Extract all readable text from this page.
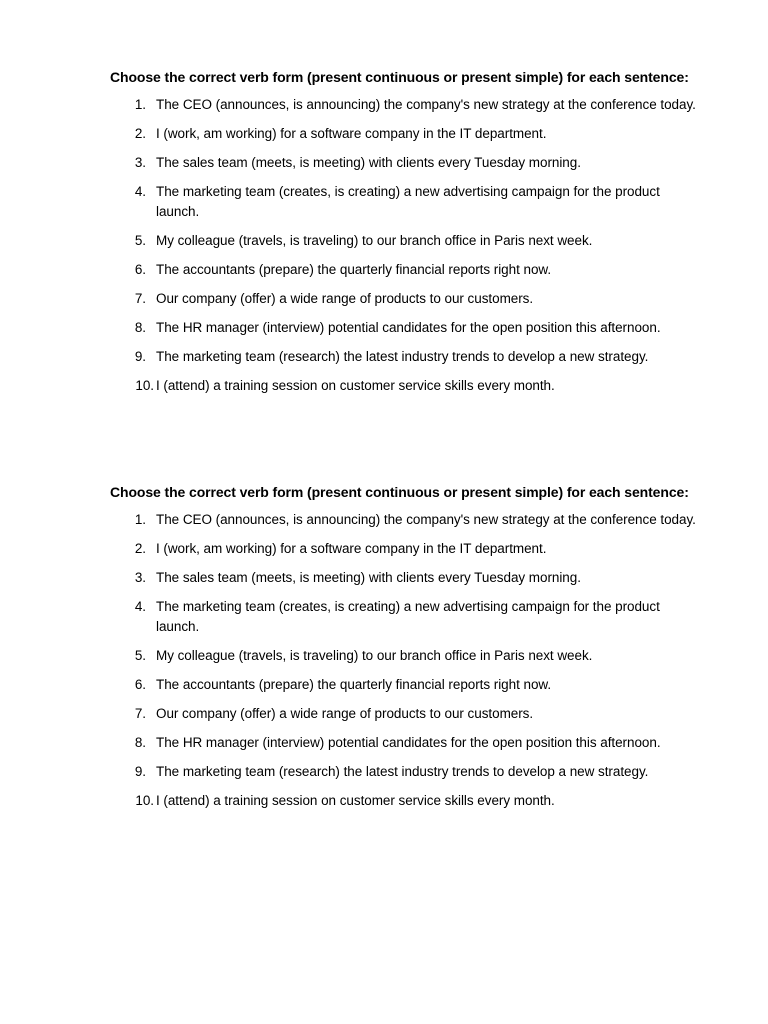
Choose the correct verb form (present continuous or present simple) for each sentence:

1. The CEO (announces, is announcing) the company's new strategy at the conference today.
2. I (work, am working) for a software company in the IT department.
3. The sales team (meets, is meeting) with clients every Tuesday morning.
4. The marketing team (creates, is creating) a new advertising campaign for the product launch.
5. My colleague (travels, is traveling) to our branch office in Paris next week.
6. The accountants (prepare) the quarterly financial reports right now.
7. Our company (offer) a wide range of products to our customers.
8. The HR manager (interview) potential candidates for the open position this afternoon.
9. The marketing team (research) the latest industry trends to develop a new strategy.
10. I (attend) a training session on customer service skills every month.

Choose the correct verb form (present continuous or present simple) for each sentence:

1. The CEO (announces, is announcing) the company's new strategy at the conference today.
2. I (work, am working) for a software company in the IT department.
3. The sales team (meets, is meeting) with clients every Tuesday morning.
4. The marketing team (creates, is creating) a new advertising campaign for the product launch.
5. My colleague (travels, is traveling) to our branch office in Paris next week.
6. The accountants (prepare) the quarterly financial reports right now.
7. Our company (offer) a wide range of products to our customers.
8. The HR manager (interview) potential candidates for the open position this afternoon.
9. The marketing team (research) the latest industry trends to develop a new strategy.
10. I (attend) a training session on customer service skills every month.
